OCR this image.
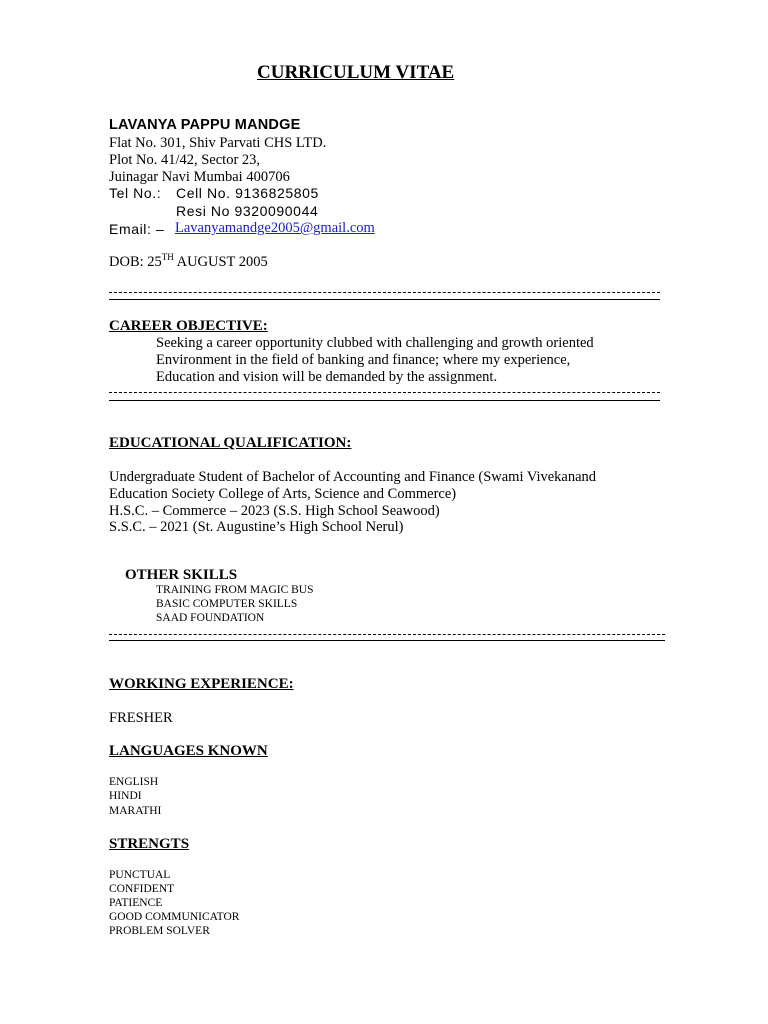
CURRICULUM VITAE
LAVANYA PAPPU MANDGE
Flat No. 301, Shiv Parvati CHS LTD.
Plot No. 41/42, Sector 23,
Juinagar Navi Mumbai 400706
Tel No.: Cell No. 9136825805
Resi No 9320090044
Email: – Lavanyamandge2005@gmail.com
DOB: 25TH AUGUST 2005
CAREER OBJECTIVE:
Seeking a career opportunity clubbed with challenging and growth oriented
Environment in the field of banking and finance; where my experience,
Education and vision will be demanded by the assignment.
EDUCATIONAL QUALIFICATION:
Undergraduate Student of Bachelor of Accounting and Finance (Swami Vivekanand
Education Society College of Arts, Science and Commerce)
H.S.C. – Commerce – 2023 (S.S. High School Seawood)
S.S.C. – 2021 (St. Augustine’s High School Nerul)
OTHER SKILLS
TRAINING FROM MAGIC BUS
BASIC COMPUTER SKILLS
SAAD FOUNDATION
WORKING EXPERIENCE:
FRESHER
LANGUAGES KNOWN
ENGLISH
HINDI
MARATHI
STRENGTS
PUNCTUAL
CONFIDENT
PATIENCE
GOOD COMMUNICATOR
PROBLEM SOLVER
